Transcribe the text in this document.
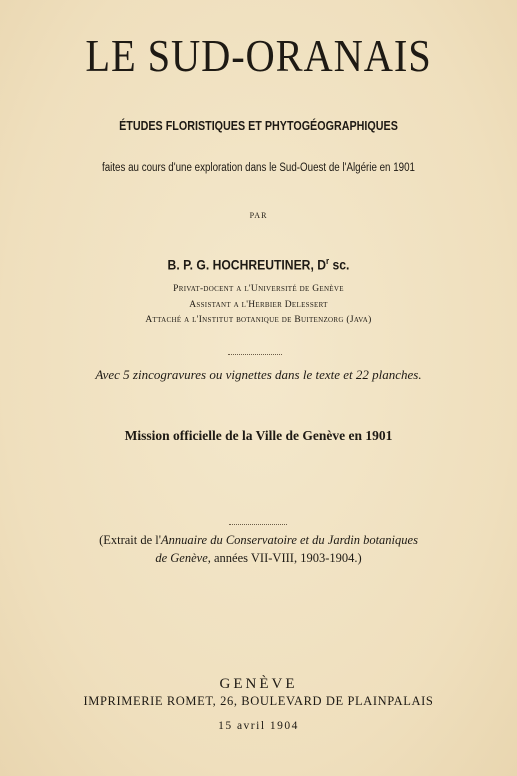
LE SUD-ORANAIS
ÉTUDES FLORISTIQUES ET PHYTOGÉOGRAPHIQUES
faites au cours d'une exploration dans le Sud-Ouest de l'Algérie en 1901
PAR
B. P. G. HOCHREUTINER, $D^r$ sc.
Privat-docent a l'Université de Genève
Assistant a l'Herbier Delessert
Attaché a l'Institut botanique de Buitenzorg (Java)
Avec 5 zincogravures ou vignettes dans le texte et 22 planches.
Mission officielle de la Ville de Genève en 1901
(Extrait de l'Annuaire du Conservatoire et du Jardin botaniques
de Genève, années VII-VIII, 1903-1904.)
GENÈVE
IMPRIMERIE ROMET, 26, BOULEVARD DE PLAINPALAIS
15 avril 1904
